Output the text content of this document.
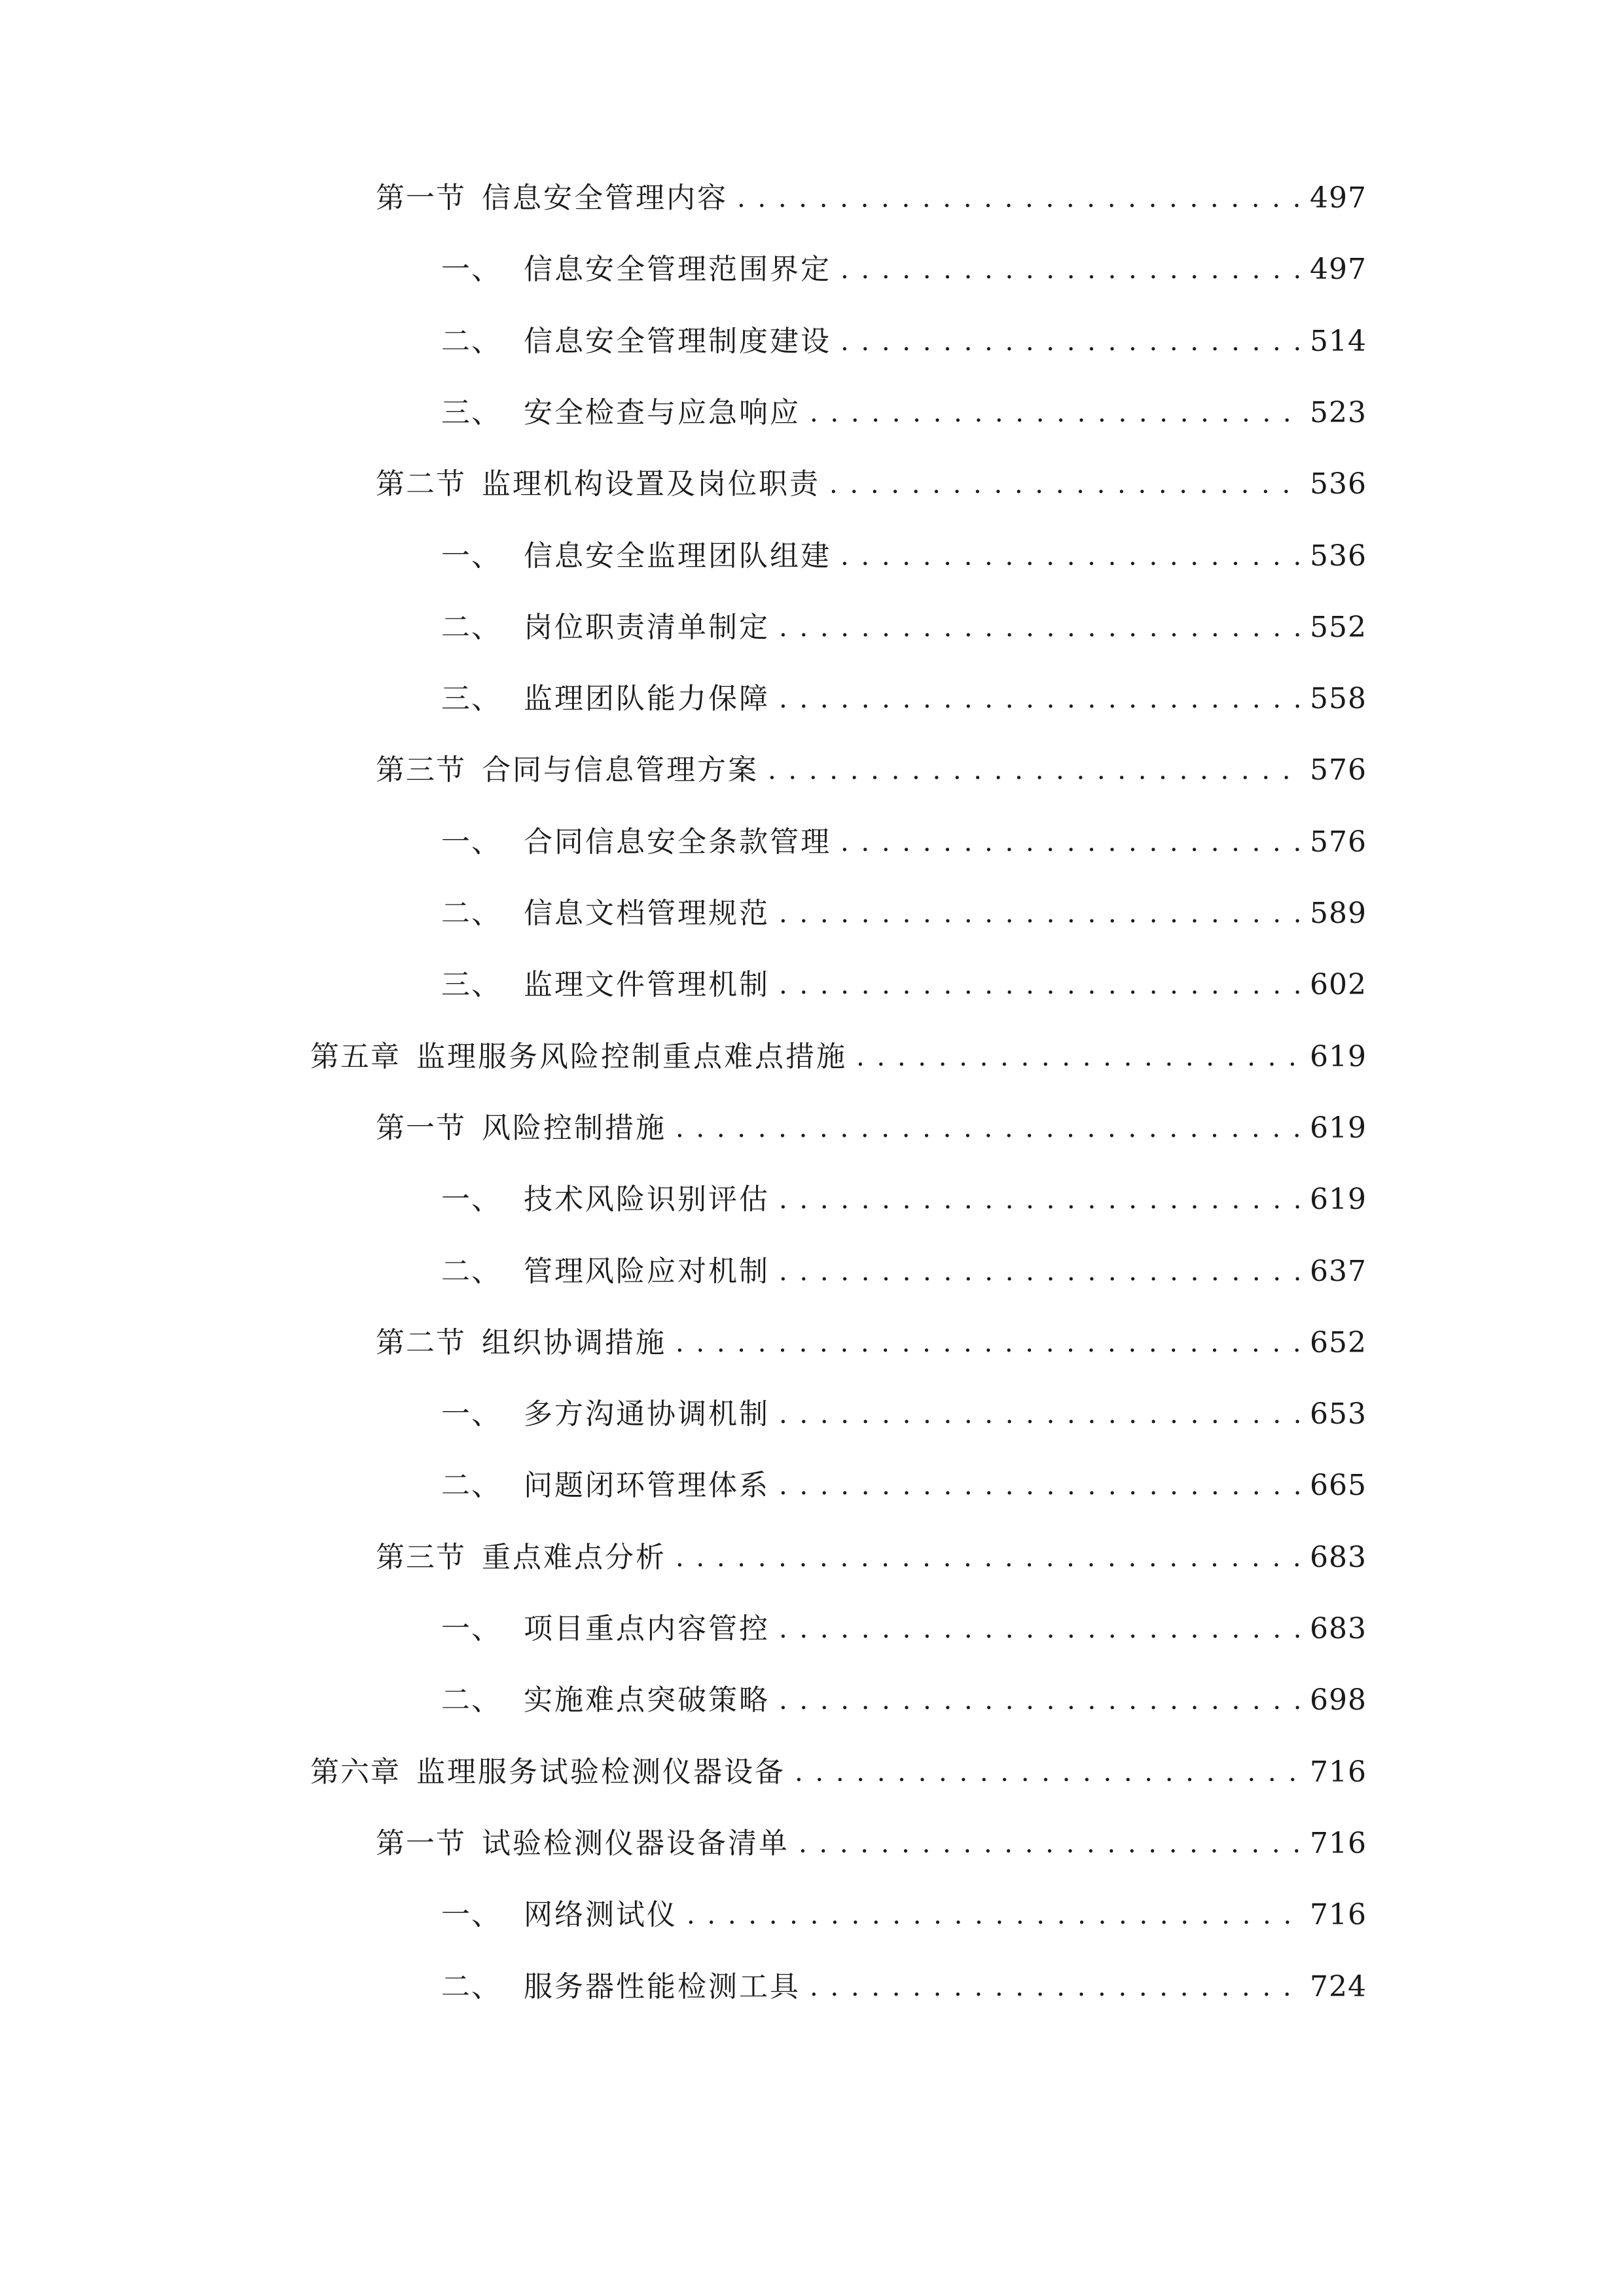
第一节 信息安全管理内容 . . .	497
一、 信息安全管理范围界定 . . .	497
二、 信息安全管理制度建设 . . .	514
三、 安全检查与应急响应 . . .	523
第二节 监理机构设置及岗位职责 . . .	536
一、 信息安全监理团队组建 . . .	536
二、 岗位职责清单制定 . . .	552
三、 监理团队能力保障 . . .	558
第三节 合同与信息管理方案 . . .	576
一、 合同信息安全条款管理 . . .	576
二、 信息文档管理规范 . . .	589
三、 监理文件管理机制 . . .	602
第五章 监理服务风险控制重点难点措施 . . .	619
第一节 风险控制措施 . . .	619
一、 技术风险识别评估 . . .	619
二、 管理风险应对机制 . . .	637
第二节 组织协调措施 . . .	652
一、 多方沟通协调机制 . . .	653
二、 问题闭环管理体系 . . .	665
第三节 重点难点分析 . . .	683
一、 项目重点内容管控 . . .	683
二、 实施难点突破策略 . . .	698
第六章 监理服务试验检测仪器设备 . . .	716
第一节 试验检测仪器设备清单 . . .	716
一、 网络测试仪 . . .	716
二、 服务器性能检测工具 . . .	724
